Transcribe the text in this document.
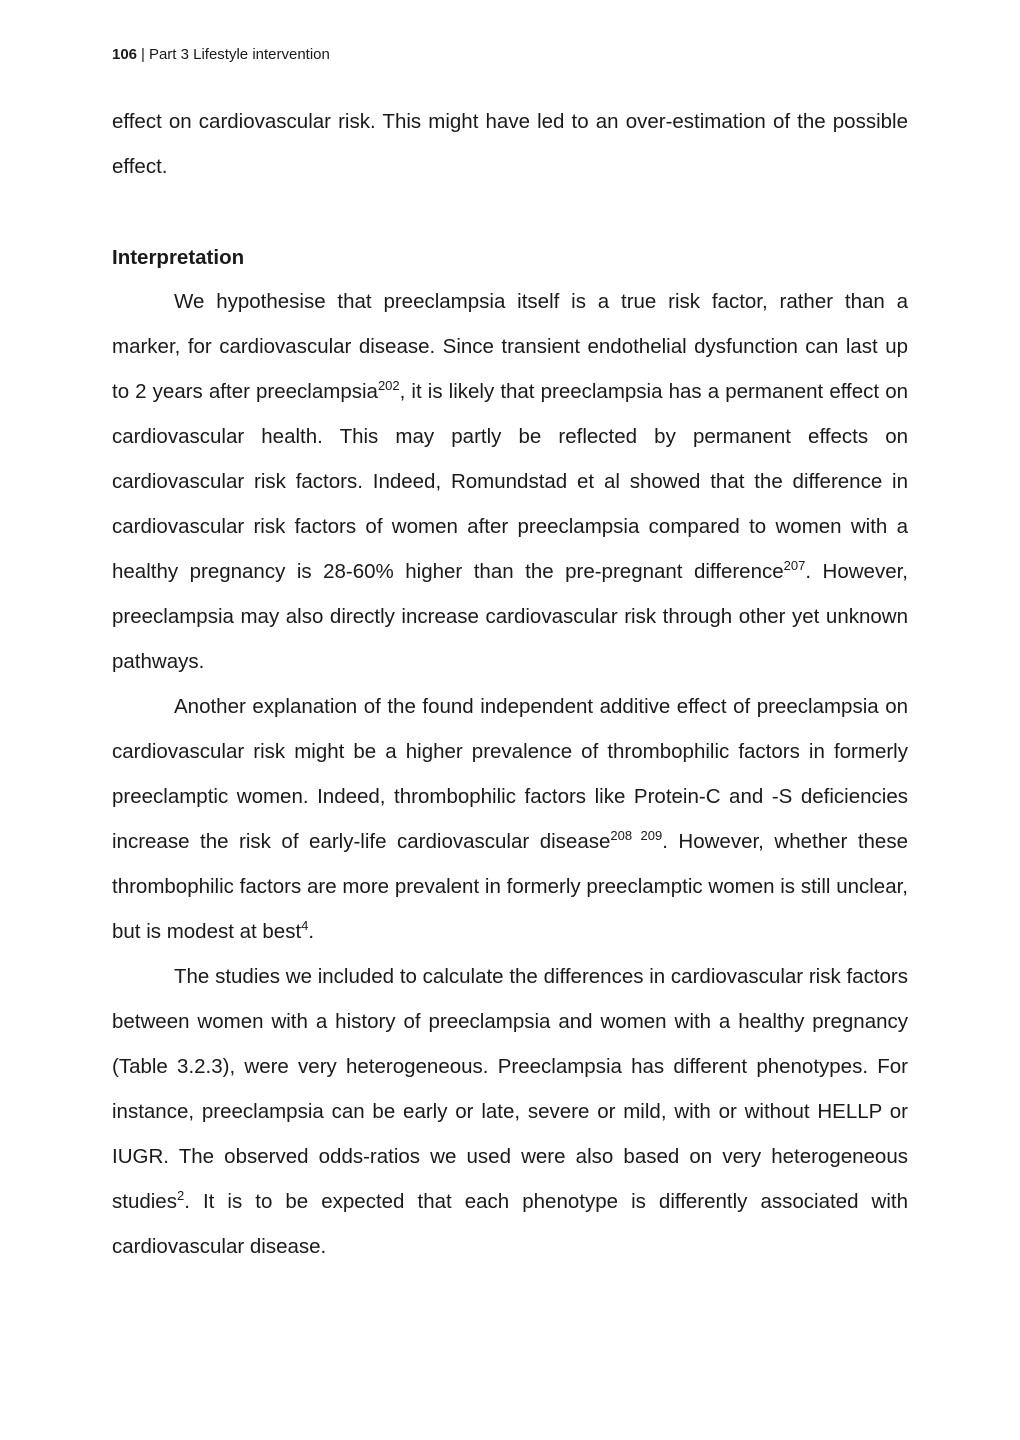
106 | Part 3 Lifestyle intervention

effect on cardiovascular risk. This might have led to an over-estimation of the possible effect.

Interpretation

We hypothesise that preeclampsia itself is a true risk factor, rather than a marker, for cardiovascular disease. Since transient endothelial dysfunction can last up to 2 years after preeclampsia$^{202}$, it is likely that preeclampsia has a permanent effect on cardiovascular health. This may partly be reflected by permanent effects on cardiovascular risk factors. Indeed, Romundstad et al showed that the difference in cardiovascular risk factors of women after preeclampsia compared to women with a healthy pregnancy is 28-60% higher than the pre-pregnant difference$^{207}$. However, preeclampsia may also directly increase cardiovascular risk through other yet unknown pathways.

Another explanation of the found independent additive effect of preeclampsia on cardiovascular risk might be a higher prevalence of thrombophilic factors in formerly preeclamptic women. Indeed, thrombophilic factors like Protein-C and -S deficiencies increase the risk of early-life cardiovascular disease$^{208 209}$. However, whether these thrombophilic factors are more prevalent in formerly preeclamptic women is still unclear, but is modest at best$^4$.

The studies we included to calculate the differences in cardiovascular risk factors between women with a history of preeclampsia and women with a healthy pregnancy (Table 3.2.3), were very heterogeneous. Preeclampsia has different phenotypes. For instance, preeclampsia can be early or late, severe or mild, with or without HELLP or IUGR. The observed odds-ratios we used were also based on very heterogeneous studies$^2$. It is to be expected that each phenotype is differently associated with cardiovascular disease.
